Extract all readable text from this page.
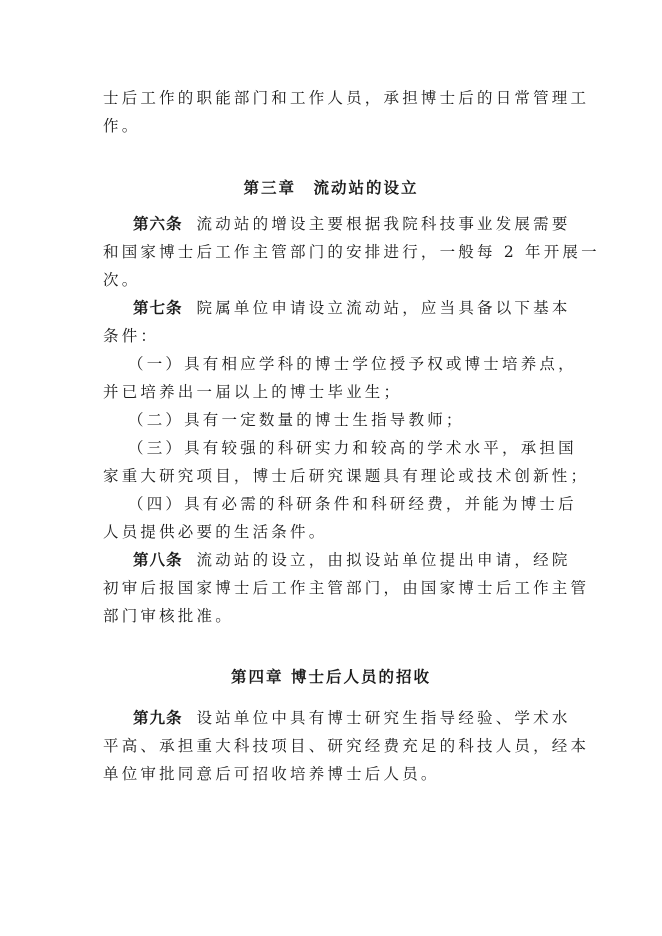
士后工作的职能部门和工作人员，承担博士后的日常管理工
作。
第三章　流动站的设立
第六条 流动站的增设主要根据我院科技事业发展需要
和国家博士后工作主管部门的安排进行，一般每 2 年开展一
次。
第七条 院属单位申请设立流动站，应当具备以下基本
条件：
（一）具有相应学科的博士学位授予权或博士培养点，
并已培养出一届以上的博士毕业生；
（二）具有一定数量的博士生指导教师；
（三）具有较强的科研实力和较高的学术水平，承担国
家重大研究项目，博士后研究课题具有理论或技术创新性；
（四）具有必需的科研条件和科研经费，并能为博士后
人员提供必要的生活条件。
第八条 流动站的设立，由拟设站单位提出申请，经院
初审后报国家博士后工作主管部门，由国家博士后工作主管
部门审核批准。
第四章 博士后人员的招收
第九条 设站单位中具有博士研究生指导经验、学术水
平高、承担重大科技项目、研究经费充足的科技人员，经本
单位审批同意后可招收培养博士后人员。
